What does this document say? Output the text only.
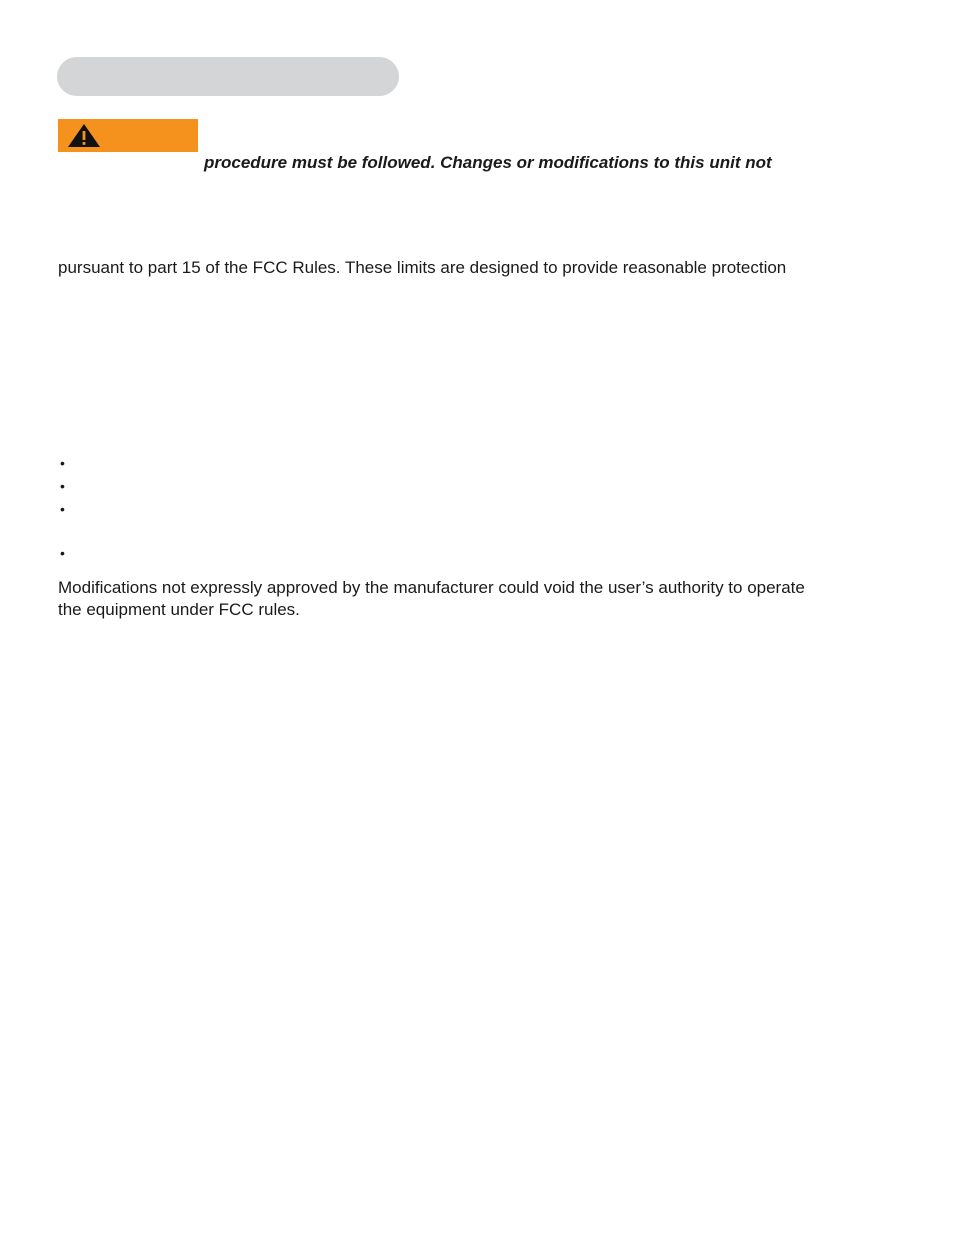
procedure must be followed. Changes or modifications to this unit not
pursuant to part 15 of the FCC Rules. These limits are designed to provide reasonable protection
•
•
•
•
Modifications not expressly approved by the manufacturer could void the user’s authority to operate
the equipment under FCC rules.
